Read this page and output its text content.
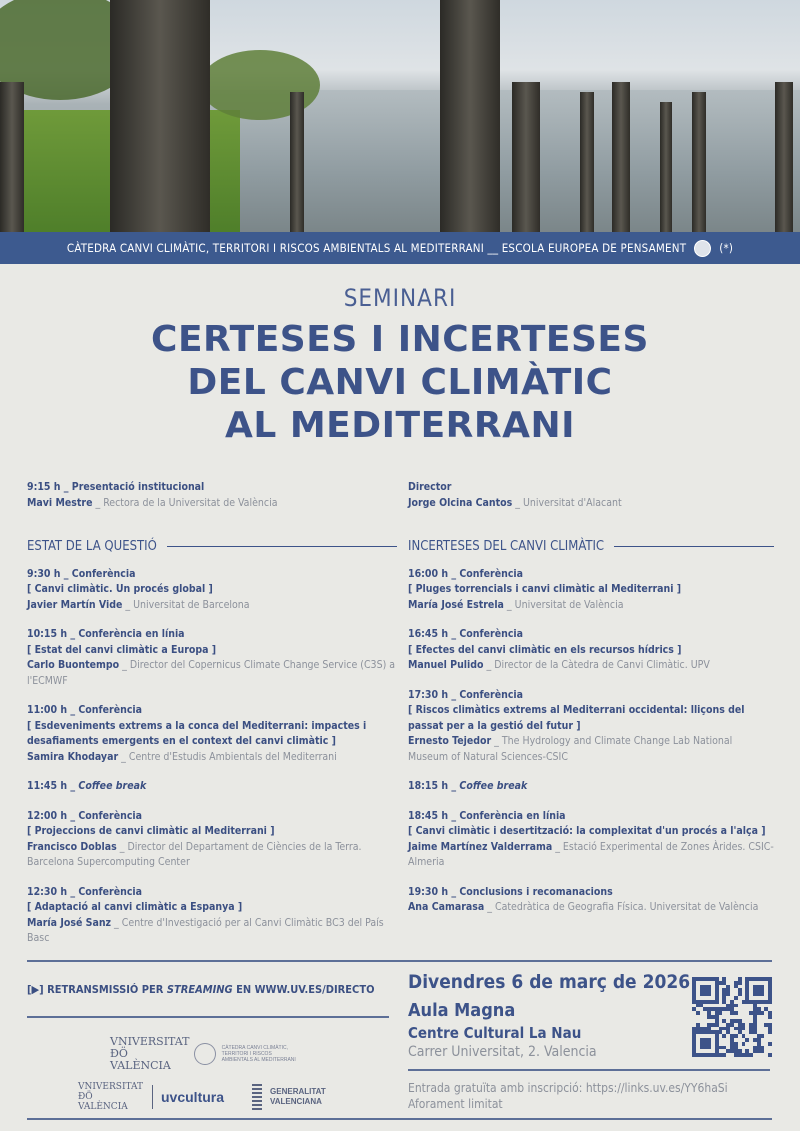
CÀTEDRA CANVI CLIMÀTIC, TERRITORI I RISCOS AMBIENTALS AL MEDITERRANI __ ESCOLA EUROPEA DE PENSAMENT	(*)
SEMINARI
CERTESES I INCERTESES
DEL CANVI CLIMÀTIC
AL MEDITERRANI
9:15 h _ Presentació institucional
Mavi Mestre _ Rectora de la Universitat de València
ESTAT DE LA QUESTIÓ
9:30 h _ Conferència
[ Canvi climàtic. Un procés global ]
Javier Martín Vide _ Universitat de Barcelona
10:15 h _ Conferència en línia
[ Estat del canvi climàtic a Europa ]
Carlo Buontempo _ Director del Copernicus Climate Change Service (C3S) a l'ECMWF
11:00 h _ Conferència
[ Esdeveniments extrems a la conca del Mediterrani: impactes i desafiaments emergents en el context del canvi climàtic ]
Samira Khodayar _ Centre d'Estudis Ambientals del Mediterrani
11:45 h _ Coffee break
12:00 h _ Conferència
[ Projeccions de canvi climàtic al Mediterrani ]
Francisco Doblas _ Director del Departament de Ciències de la Terra. Barcelona Supercomputing Center
12:30 h _ Conferència
[ Adaptació al canvi climàtic a Espanya ]
María José Sanz _ Centre d'Investigació per al Canvi Climàtic BC3 del País Basc
Director
Jorge Olcina Cantos _ Universitat d'Alacant
INCERTESES DEL CANVI CLIMÀTIC
16:00 h _ Conferència
[ Pluges torrencials i canvi climàtic al Mediterrani ]
María José Estrela _ Universitat de València
16:45 h _ Conferència
[ Efectes del canvi climàtic en els recursos hídrics ]
Manuel Pulido _ Director de la Càtedra de Canvi Climàtic. UPV
17:30 h _ Conferència
[ Riscos climàtics extrems al Mediterrani occidental: lliçons del passat per a la gestió del futur ]
Ernesto Tejedor _ The Hydrology and Climate Change Lab National Museum of Natural Sciences-CSIC
18:15 h _ Coffee break
18:45 h _ Conferència en línia
[ Canvi climàtic i desertització: la complexitat d'un procés a l'alça ]
Jaime Martínez Valderrama _ Estació Experimental de Zones Àrides. CSIC-Almeria
19:30 h _ Conclusions i recomanacions
Ana Camarasa _ Catedràtica de Geografia Física. Universitat de València
[▶] RETRANSMISSIÓ PER STREAMING EN WWW.UV.ES/DIRECTO
VNIVERSITAT ĐÖ VALÈNCIA
CÀTEDRA CANVI CLIMÀTIC, TERRITORI I RISCOS AMBIENTALS AL MEDITERRANI
VNIVERSITAT ĐÖ VALÈNCIA
uvcultura	GENERALITAT VALENCIANA
Divendres 6 de març de 2026
Aula Magna
Centre Cultural La Nau
Carrer Universitat, 2. Valencia
Entrada gratuïta amb inscripció: https://links.uv.es/YY6haSi
Aforament limitat
